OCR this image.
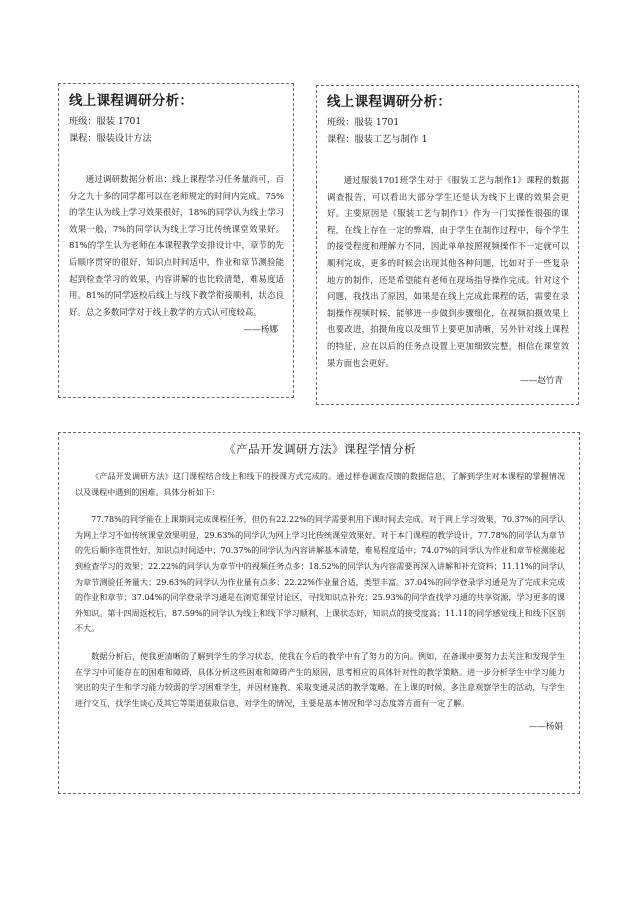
线上课程调研分析：
班级：服装 1701
课程：服装设计方法

通过调研数据分析出：线上课程学习任务量尚可，百分之九十多的同学都可以在老师规定的时间内完成。75%的学生认为线上学习效果很好，18%的同学认为线上学习效果一般，7%的同学认为线上学习比传统课堂效果好。81%的学生认为老师在本课程教学安排设计中，章节的先后顺序贯穿的很好，知识点时间适中，作业和章节测验能起到检查学习的效果，内容讲解的也比较清楚，难易度适用。81%的同学返校后线上与线下教学衔接顺利，状态良好。总之多数同学对于线上教学的方式认可度较高。

——杨娜
线上课程调研分析：
班级：服装 1701
课程：服装工艺与制作 1

通过服装1701班学生对于《服装工艺与制作1》课程的数据调查报告，可以看出大部分学生还是认为线下上课的效果会更好。主要原因是《服装工艺与制作1》作为一门实操性很强的课程，在线上存在一定的弊端，由于学生在制作过程中，每个学生的接受程度和理解力不同，因此单单按照视频操作不一定就可以顺利完成，更多的时候会出现其他各种问题，比如对于一些复杂地方的制作，还是希望能有老师在现场指导操作完成。针对这个问题，我找出了原因，如果是在线上完成此课程的话，需要在录制操作视频时候，能够进一步做到步骤细化，在视频拍摄效果上也要改进，拍摄角度以及细节上要更加清晰，另外针对线上课程的特征，应在以后的任务点设置上更加细致完整，相信在课堂效果方面也会更好。

——赵竹青
《产品开发调研方法》课程学情分析

《产品开发调研方法》这门课程结合线上和线下的授课方式完成的。通过样卷调查反馈的数据信息，了解到学生对本课程的掌握情况以及课程中遇到的困难。具体分析如下：

77.78%的同学能在上课期间完成课程任务，但仍有22.22%的同学需要利用下课时间去完成。对于网上学习效果，70.37%的同学认为网上学习不如传统课堂效果明显，29.63%的同学认为网上学习比传统课堂效果好。对于本门课程的教学设计，77.78%的同学认为章节的先后顺序连贯性好，知识点时间适中；70.37%的同学认为内容讲解基本清楚，难易程度适中；74.07%的同学认为作业和章节检测能起到检查学习的效果；22.22%的同学认为章节中的视频任务点多；18.52%的同学认为内容需要再深入讲解和补充资料；11.11%的同学认为章节测验任务量大；29.63%的同学认为作业量有点多；22.22%作业量合适，类型丰富。37.04%的同学登录学习通是为了完成未完成的作业和章节；37.04%的同学登录学习通是在浏览课堂讨论区，寻找知识点补充；25.93%的同学查找学习通的共享资源，学习更多的课外知识。第十四周返校后，87.59%的同学认为线上和线下学习顺利，上课状态好，知识点的接受度高；11.11的同学感觉线上和线下区别不大。

数据分析后，使我更清晰的了解到学生的学习状态，使我在今后的教学中有了努力的方向。例如，在备课中要努力去关注和发现学生在学习中可能存在的困难和障碍，具体分析这些困难和障碍产生的原因，思考相应的具体针对性的教学策略。进一步分析学生中学习能力突出的尖子生和学习能力较弱的学习困难学生，并因材施教、采取变通灵活的教学策略。在上课的时候，多注意观察学生的活动，与学生进行交互，找学生谈心及其它等渠道获取信息，对学生的情况，主要是基本情况和学习态度等方面有一定了解。

——杨娟
